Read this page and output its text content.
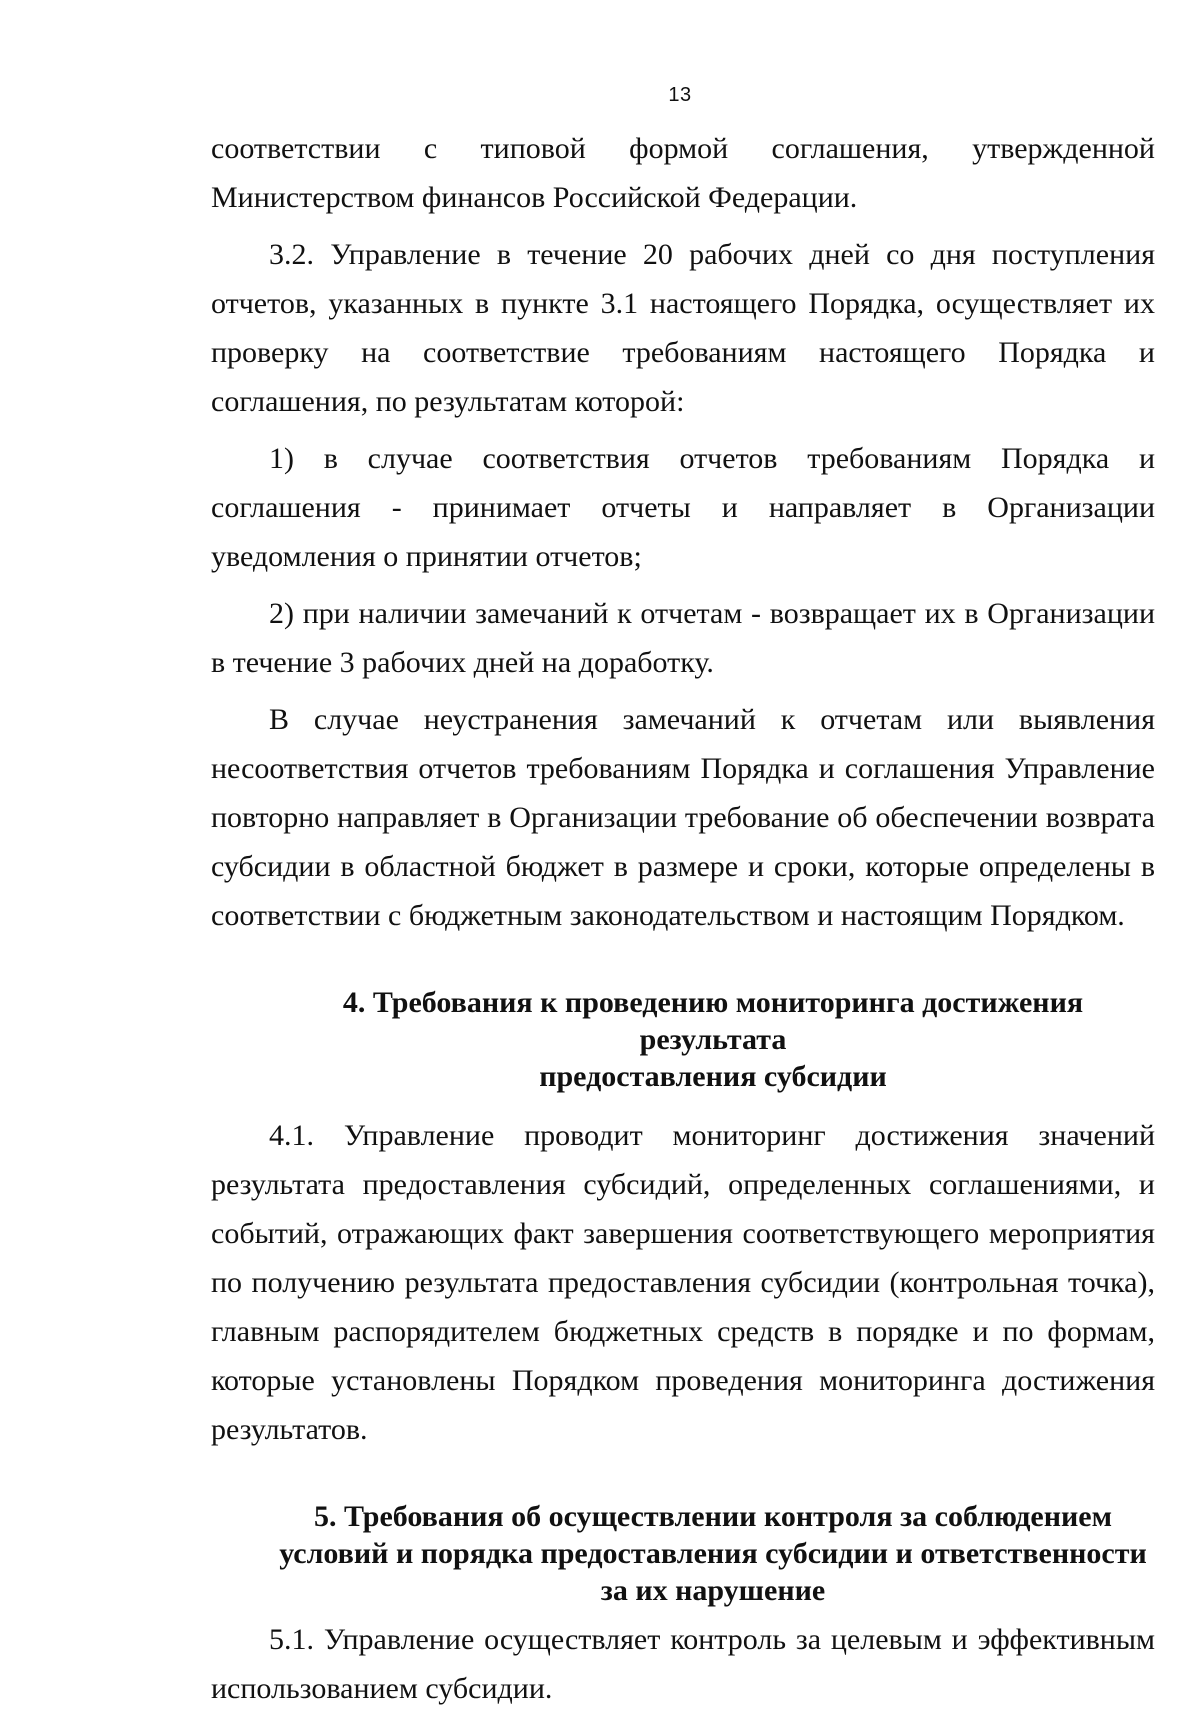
13

соответствии с типовой формой соглашения, утвержденной Министерством финансов Российской Федерации.

3.2. Управление в течение 20 рабочих дней со дня поступления отчетов, указанных в пункте 3.1 настоящего Порядка, осуществляет их проверку на соответствие требованиям настоящего Порядка и соглашения, по результатам которой:

1) в случае соответствия отчетов требованиям Порядка и соглашения - принимает отчеты и направляет в Организации уведомления о принятии отчетов;

2) при наличии замечаний к отчетам - возвращает их в Организации в течение 3 рабочих дней на доработку.

В случае неустранения замечаний к отчетам или выявления несоответствия отчетов требованиям Порядка и соглашения Управление повторно направляет в Организации требование об обеспечении возврата субсидии в областной бюджет в размере и сроки, которые определены в соответствии с бюджетным законодательством и настоящим Порядком.

4. Требования к проведению мониторинга достижения результата
предоставления субсидии

4.1. Управление проводит мониторинг достижения значений результата предоставления субсидий, определенных соглашениями, и событий, отражающих факт завершения соответствующего мероприятия по получению результата предоставления субсидии (контрольная точка), главным распорядителем бюджетных средств в порядке и по формам, которые установлены Порядком проведения мониторинга достижения результатов.

5. Требования об осуществлении контроля за соблюдением
условий и порядка предоставления субсидии и ответственности
за их нарушение

5.1. Управление осуществляет контроль за целевым и эффективным использованием субсидии.
